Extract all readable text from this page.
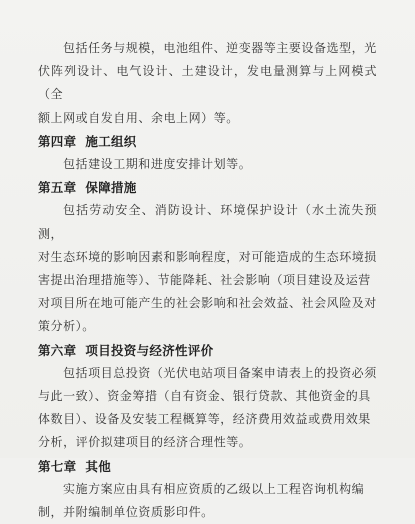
包括任务与规模，电池组件、逆变器等主要设备选型，光
伏阵列设计、电气设计、土建设计，发电量测算与上网模式（全
额上网或自发自用、余电上网）等。

第四章 施工组织

包括建设工期和进度安排计划等。

第五章 保障措施

包括劳动安全、消防设计、环境保护设计（水土流失预测，
对生态环境的影响因素和影响程度，对可能造成的生态环境损
害提出治理措施等）、节能降耗、社会影响（项目建设及运营
对项目所在地可能产生的社会影响和社会效益、社会风险及对
策分析）。

第六章 项目投资与经济性评价

包括项目总投资（光伏电站项目备案申请表上的投资必须
与此一致）、资金筹措（自有资金、银行贷款、其他资金的具
体数目）、设备及安装工程概算等，经济费用效益或费用效果
分析，评价拟建项目的经济合理性等。

第七章 其他

实施方案应由具有相应资质的乙级以上工程咨询机构编
制，并附编制单位资质影印件。
